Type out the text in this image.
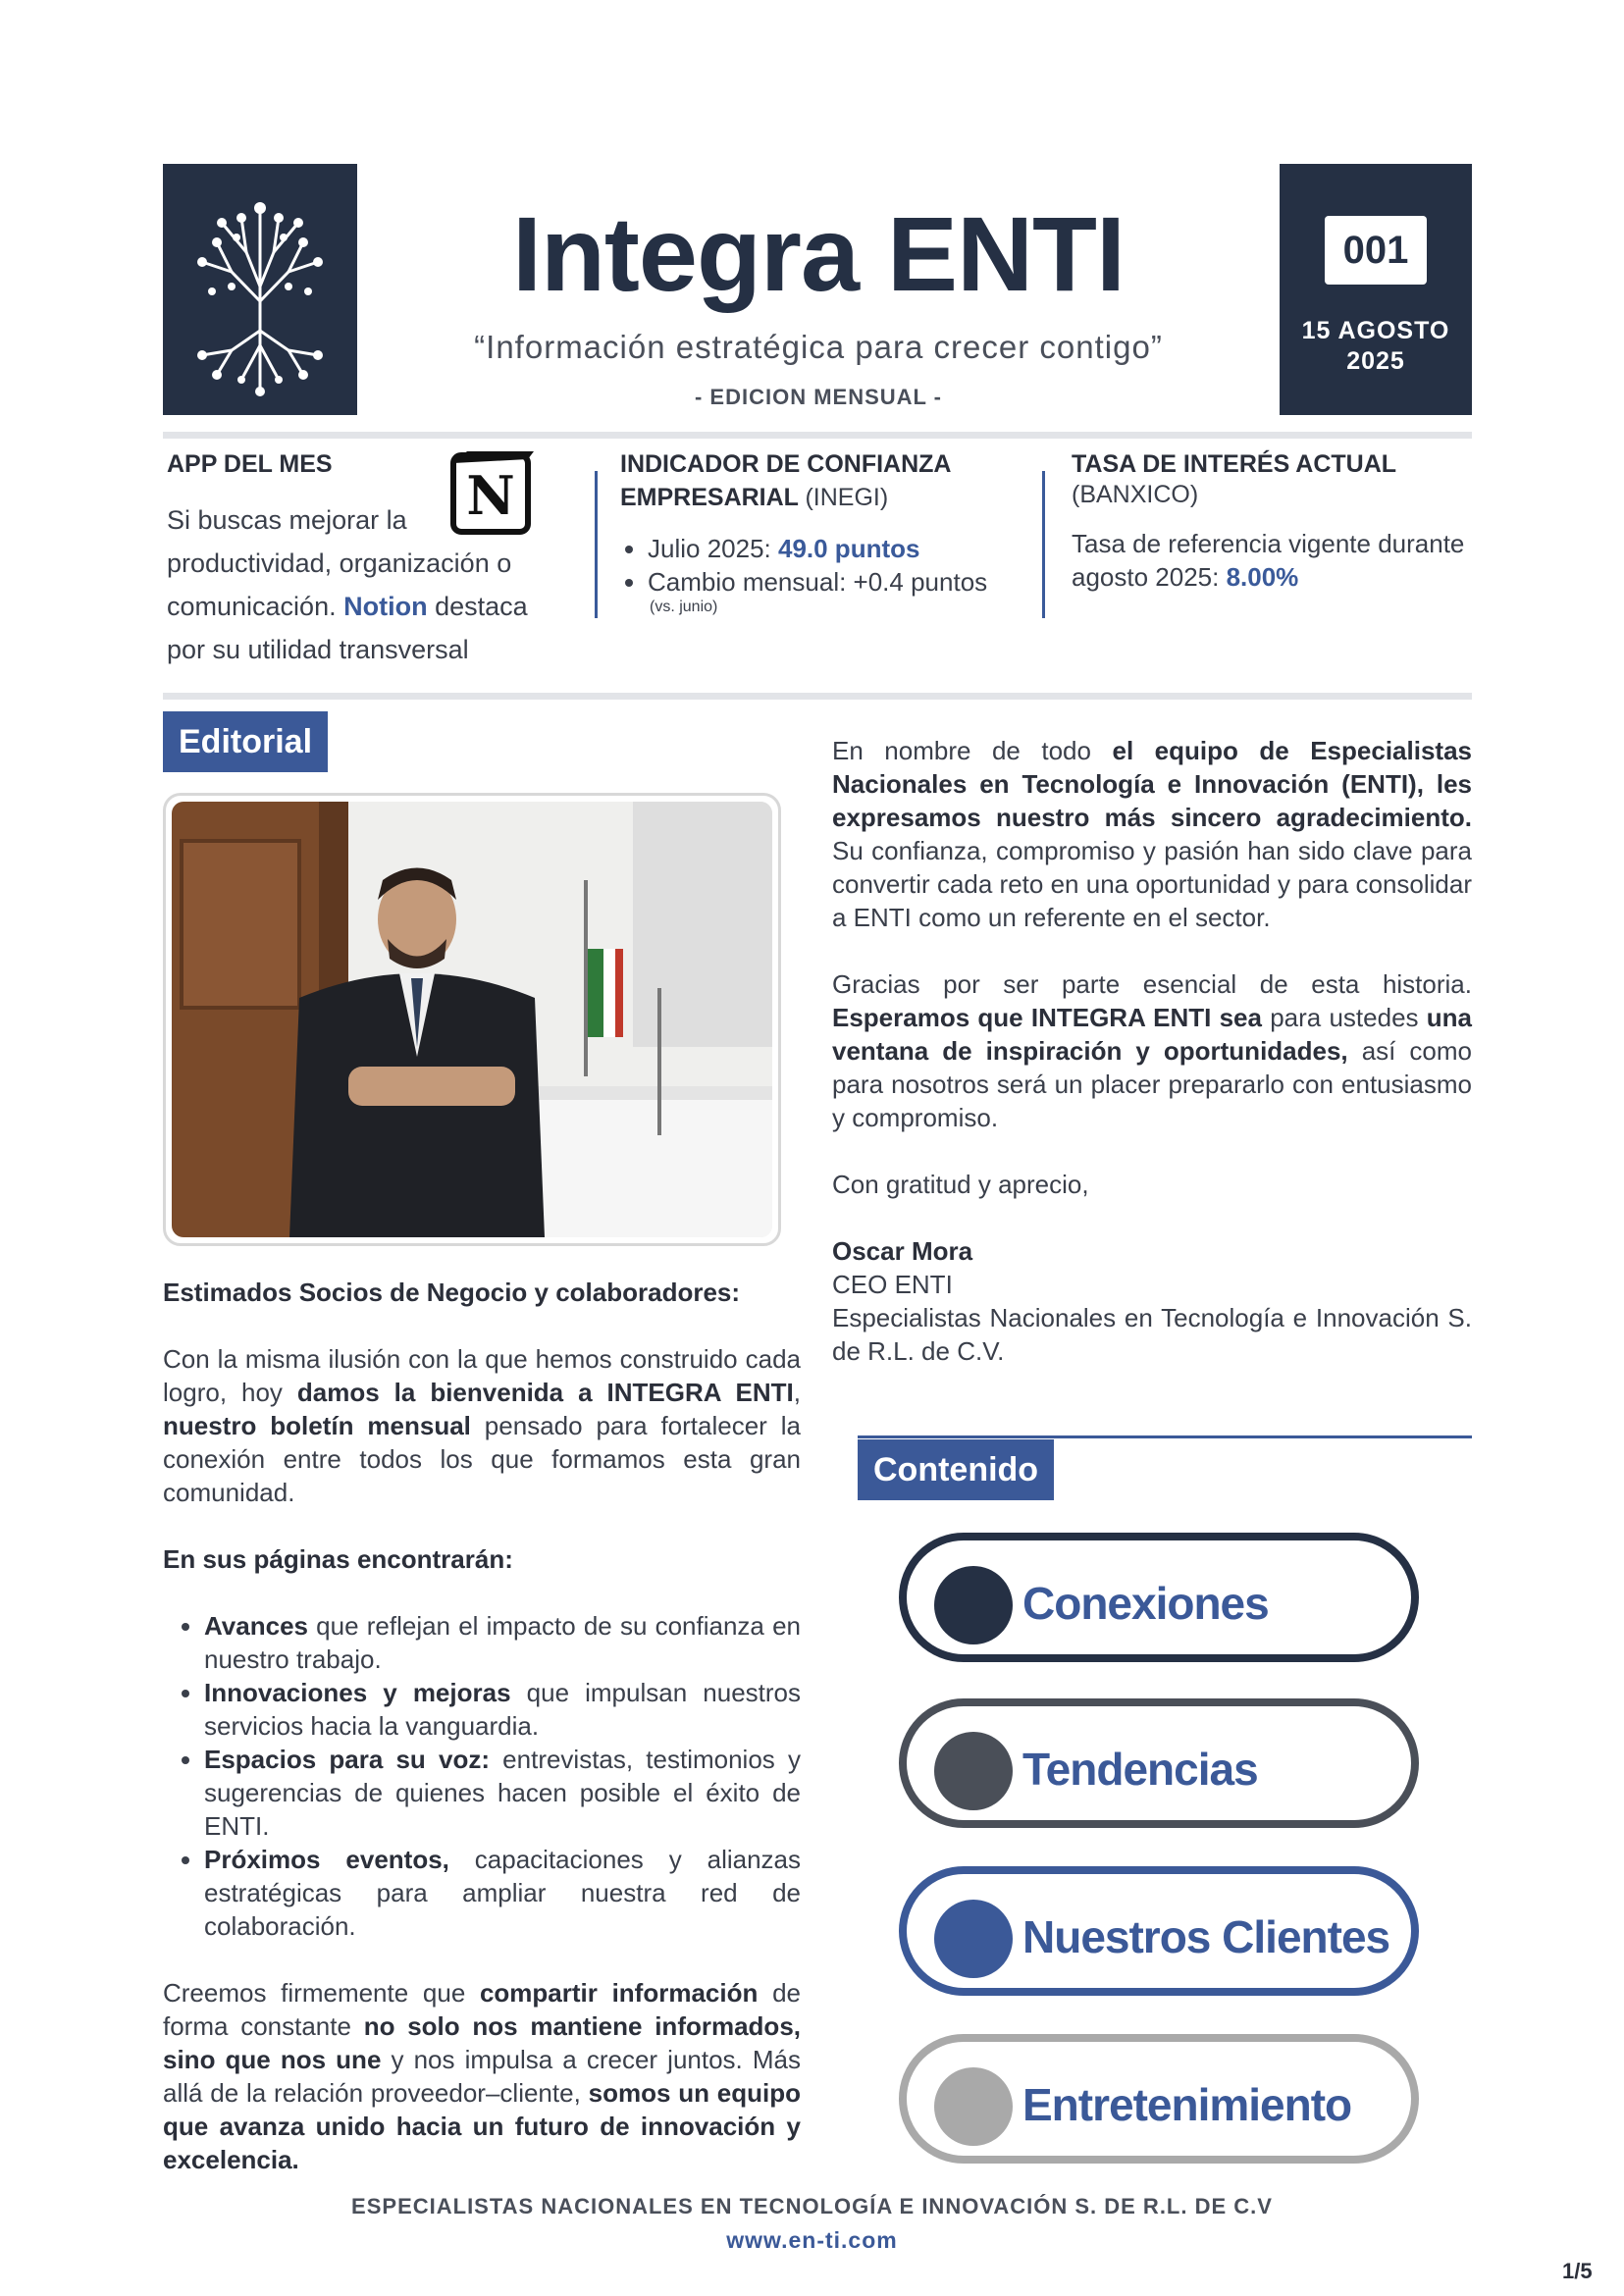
Integra ENTI
“Información estratégica para crecer contigo”
- EDICION MENSUAL -
001
15 AGOSTO
2025
APP DEL MES
Si buscas mejorar la productividad, organización o comunicación. Notion destaca por su utilidad transversal
N	INDICADOR DE CONFIANZA EMPRESARIAL (INEGI)
• Julio 2025: 49.0 puntos
• Cambio mensual: +0.4 puntos
(vs. junio)
TASA DE INTERÉS ACTUAL
(BANXICO)
Tasa de referencia vigente durante agosto 2025: 8.00%
Editorial

Estimados Socios de Negocio y colaboradores:

Con la misma ilusión con la que hemos construido cada logro, hoy damos la bienvenida a INTEGRA ENTI, nuestro boletín mensual pensado para fortalecer la conexión entre todos los que formamos esta gran comunidad.

En sus páginas encontrarán:

• Avances que reflejan el impacto de su confianza en nuestro trabajo.
• Innovaciones y mejoras que impulsan nuestros servicios hacia la vanguardia.
• Espacios para su voz: entrevistas, testimonios y sugerencias de quienes hacen posible el éxito de ENTI.
• Próximos eventos, capacitaciones y alianzas estratégicas para ampliar nuestra red de colaboración.

Creemos firmemente que compartir información de forma constante no solo nos mantiene informados, sino que nos une y nos impulsa a crecer juntos. Más allá de la relación proveedor–cliente, somos un equipo que avanza unido hacia un futuro de innovación y excelencia.

En nombre de todo el equipo de Especialistas Nacionales en Tecnología e Innovación (ENTI), les expresamos nuestro más sincero agradecimiento. Su confianza, compromiso y pasión han sido clave para convertir cada reto en una oportunidad y para consolidar a ENTI como un referente en el sector.

Gracias por ser parte esencial de esta historia. Esperamos que INTEGRA ENTI sea para ustedes una ventana de inspiración y oportunidades, así como para nosotros será un placer prepararlo con entusiasmo y compromiso.

Con gratitud y aprecio,

Oscar Mora

CEO ENTI

Especialistas Nacionales en Tecnología e Innovación S. de R.L. de C.V.

Contenido
Conexiones
Tendencias
Nuestros Clientes
Entretenimiento
ESPECIALISTAS NACIONALES EN TECNOLOGÍA E INNOVACIÓN S. DE R.L. DE C.V
www.en-ti.com
1/5
